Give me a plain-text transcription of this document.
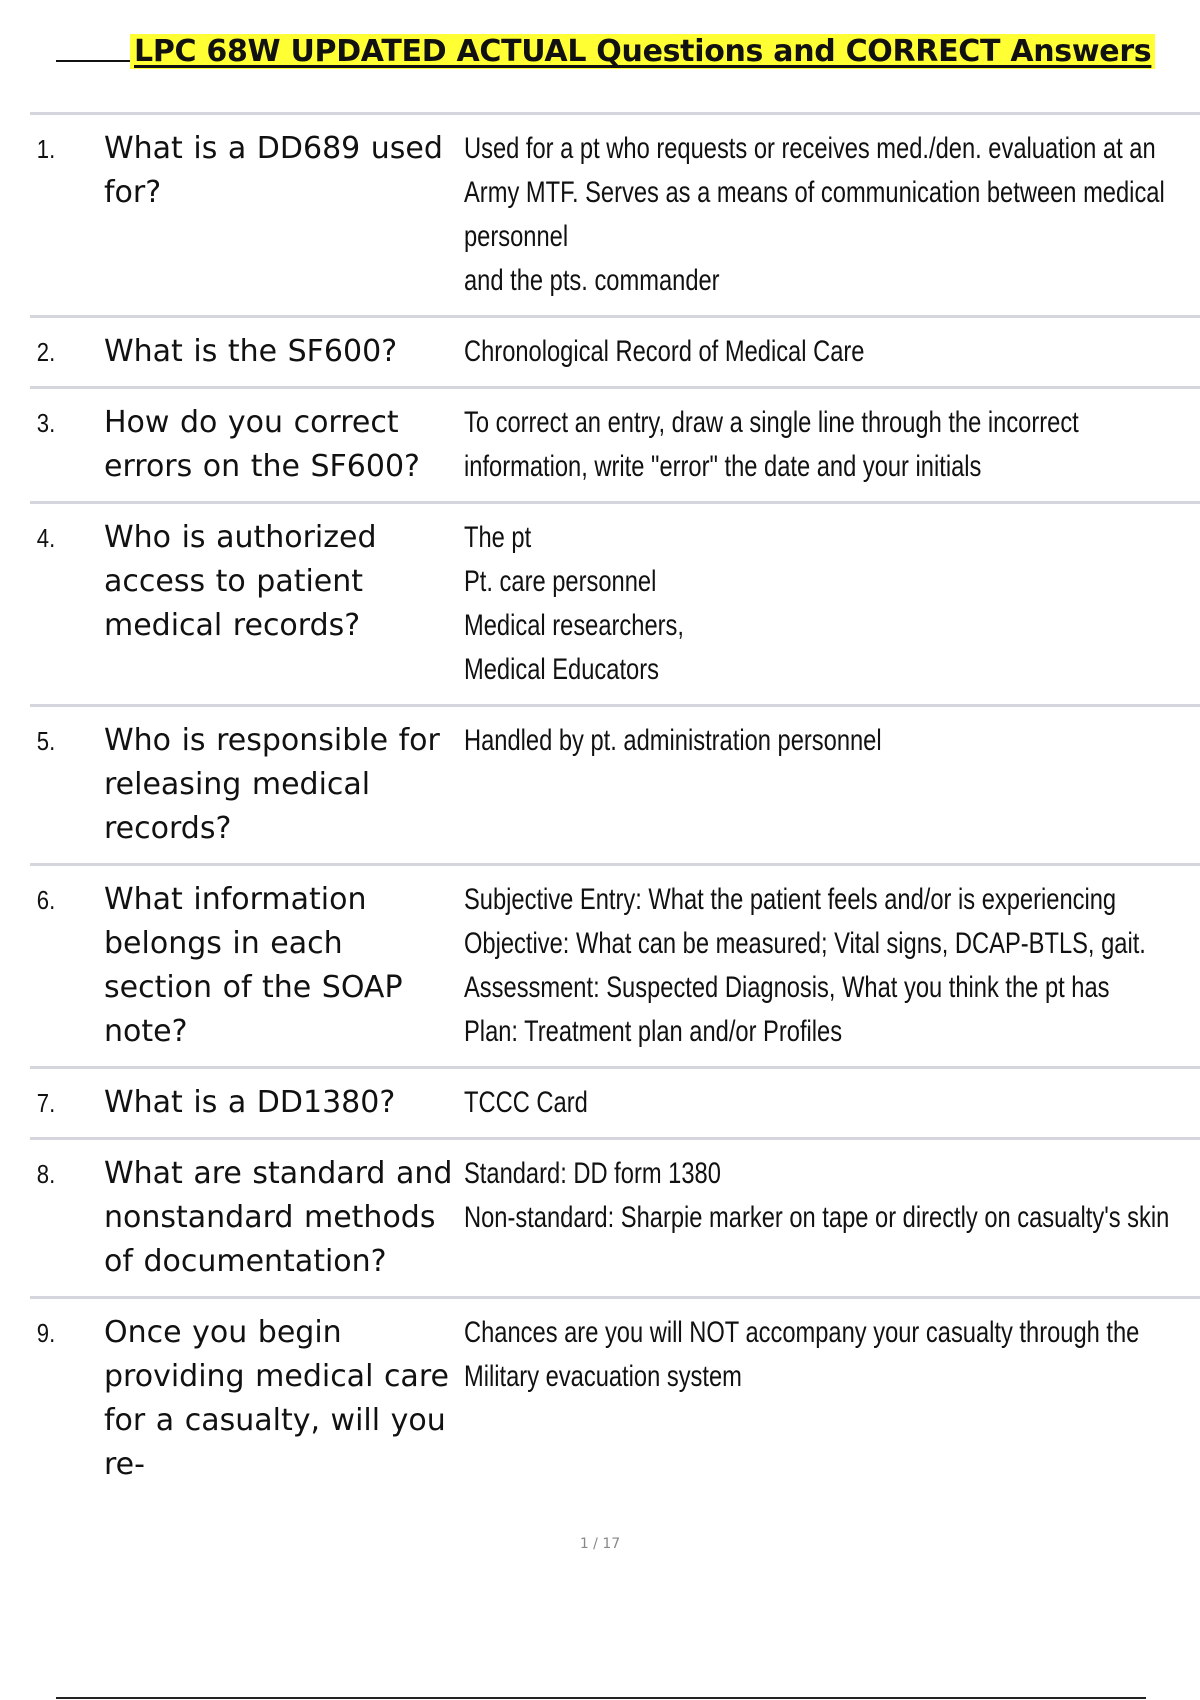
LPC 68W UPDATED ACTUAL Questions and CORRECT Answers
1.	What is a DD689 used for?
Used for a pt who requests or receives med./den. evaluation at an Army MTF. Serves as a means of communication between medical personnel
and the pts. commander
2.	What is the SF600?	Chronological Record of Medical Care
3.	How do you correct errors on the SF600?
To correct an entry, draw a single line through the incorrect information, write "error" the date and your initials
4.	Who is authorized access to patient medical records?
The pt
Pt. care personnel
Medical researchers,
Medical Educators
5.	Who is responsible for releasing medical records?
Handled by pt. administration personnel
6.	What information belongs in each section of the SOAP note?
Subjective Entry: What the patient feels and/or is experiencing
Objective: What can be measured; Vital signs, DCAP-BTLS, gait.
Assessment: Suspected Diagnosis, What you think the pt has
Plan: Treatment plan and/or Profiles
7.	What is a DD1380?	TCCC Card
8.	What are standard and nonstandard methods of documentation?
Standard: DD form 1380
Non-standard: Sharpie marker on tape or directly on casualty's skin
9.	Once you begin providing medical care for a casualty, will you re-
Chances are you will NOT accompany your casualty through the Military evacuation system
1 / 17
